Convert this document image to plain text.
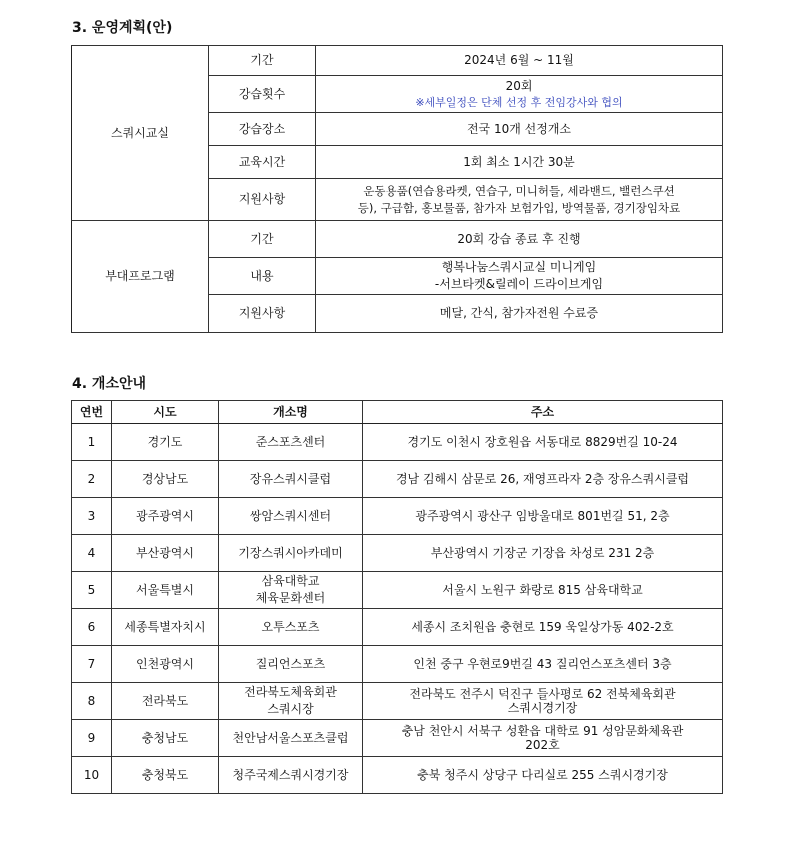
3. 운영계획(안)
스쿼시교실	기간	2024년 6월 ~ 11월

	강습횟수	20회
※세부일정은 단체 선정 후 전임강사와 협의

	강습장소	전국 10개 선정개소

	교육시간	1회 최소 1시간 30분

	지원사항	운동용품(연습용라켓, 연습구, 미니허들, 세라밴드, 밸런스쿠션
등), 구급함, 홍보물품, 참가자 보험가입, 방역물품, 경기장임차료

부대프로그램	기간	20회 강습 종료 후 진행

	내용	행복나눔스쿼시교실 미니게임
-서브타켓&릴레이 드라이브게임

	지원사항	메달, 간식, 참가자전원 수료증
4. 개소안내
연번	시도	개소명	주소
1	경기도	준스포츠센터	경기도 이천시 장호원읍 서동대로 8829번길 10-24

2	경상남도	장유스쿼시클럽	경남 김해시 삼문로 26, 재영프라자 2층 장유스쿼시클럽

3	광주광역시	쌍암스쿼시센터	광주광역시 광산구 임방울대로 801번길 51, 2층

4	부산광역시	기장스쿼시아카데미	부산광역시 기장군 기장읍 차성로 231 2층

5	서울특별시	삼육대학교
체육문화센터	서울시 노원구 화랑로 815 삼육대학교

6	세종특별자치시	오투스포츠	세종시 조치원읍 충현로 159 욱일상가동 402-2호

7	인천광역시	질리언스포츠	인천 중구 우현로9번길 43 질리언스포츠센터 3층

8	전라북도	전라북도체육회관
스쿼시장	전라북도 전주시 덕진구 들사평로 62 전북체육회관
스쿼시경기장

9	충청남도	천안남서울스포츠클럽	충남 천안시 서북구 성환읍 대학로 91 성암문화체육관
202호

10	충청북도	청주국제스쿼시경기장	충북 청주시 상당구 다리실로 255 스쿼시경기장
